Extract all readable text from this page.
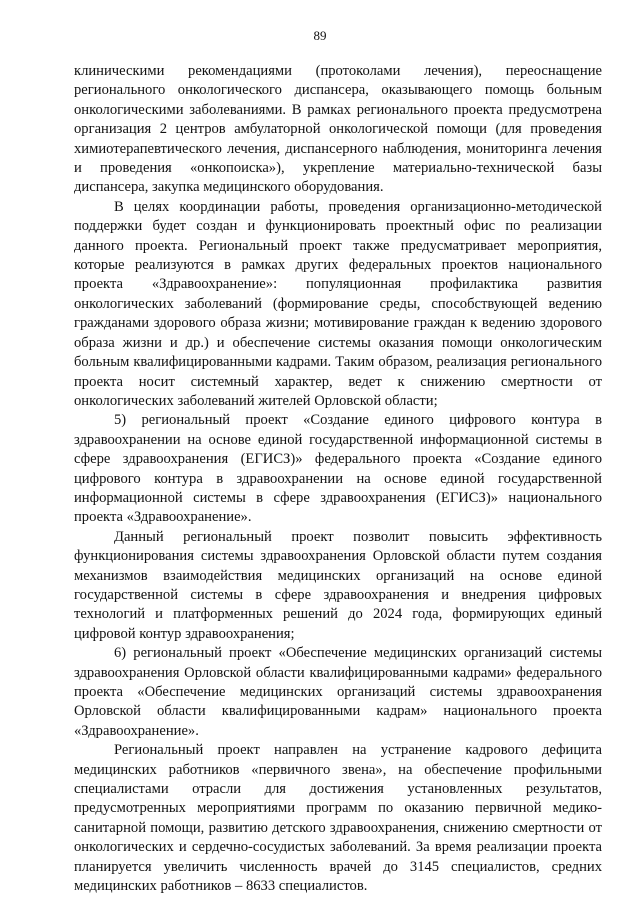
89

клиническими рекомендациями (протоколами лечения), переоснащение регионального онкологического диспансера, оказывающего помощь больным онкологическими заболеваниями. В рамках регионального проекта предусмотрена организация 2 центров амбулаторной онкологической помощи (для проведения химиотерапевтического лечения, диспансерного наблюдения, мониторинга лечения и проведения «онкопоиска»), укрепление материально-технической базы диспансера, закупка медицинского оборудования.

В целях координации работы, проведения организационно-методической поддержки будет создан и функционировать проектный офис по реализации данного проекта. Региональный проект также предусматривает мероприятия, которые реализуются в рамках других федеральных проектов национального проекта «Здравоохранение»: популяционная профилактика развития онкологических заболеваний (формирование среды, способствующей ведению гражданами здорового образа жизни; мотивирование граждан к ведению здорового образа жизни и др.) и обеспечение системы оказания помощи онкологическим больным квалифицированными кадрами. Таким образом, реализация регионального проекта носит системный характер, ведет к снижению смертности от онкологических заболеваний жителей Орловской области;

5) региональный проект «Создание единого цифрового контура в здравоохранении на основе единой государственной информационной системы в сфере здравоохранения (ЕГИСЗ)» федерального проекта «Создание единого цифрового контура в здравоохранении на основе единой государственной информационной системы в сфере здравоохранения (ЕГИСЗ)» национального проекта «Здравоохранение».

Данный региональный проект позволит повысить эффективность функционирования системы здравоохранения Орловской области путем создания механизмов взаимодействия медицинских организаций на основе единой государственной системы в сфере здравоохранения и внедрения цифровых технологий и платформенных решений до 2024 года, формирующих единый цифровой контур здравоохранения;

6) региональный проект «Обеспечение медицинских организаций системы здравоохранения Орловской области квалифицированными кадрами» федерального проекта «Обеспечение медицинских организаций системы здравоохранения Орловской области квалифицированными кадрам» национального проекта «Здравоохранение».

Региональный проект направлен на устранение кадрового дефицита медицинских работников «первичного звена», на обеспечение профильными специалистами отрасли для достижения установленных результатов, предусмотренных мероприятиями программ по оказанию первичной медико-санитарной помощи, развитию детского здравоохранения, снижению смертности от онкологических и сердечно-сосудистых заболеваний. За время реализации проекта планируется увеличить численность врачей до 3145 специалистов, средних медицинских работников – 8633 специалистов.
